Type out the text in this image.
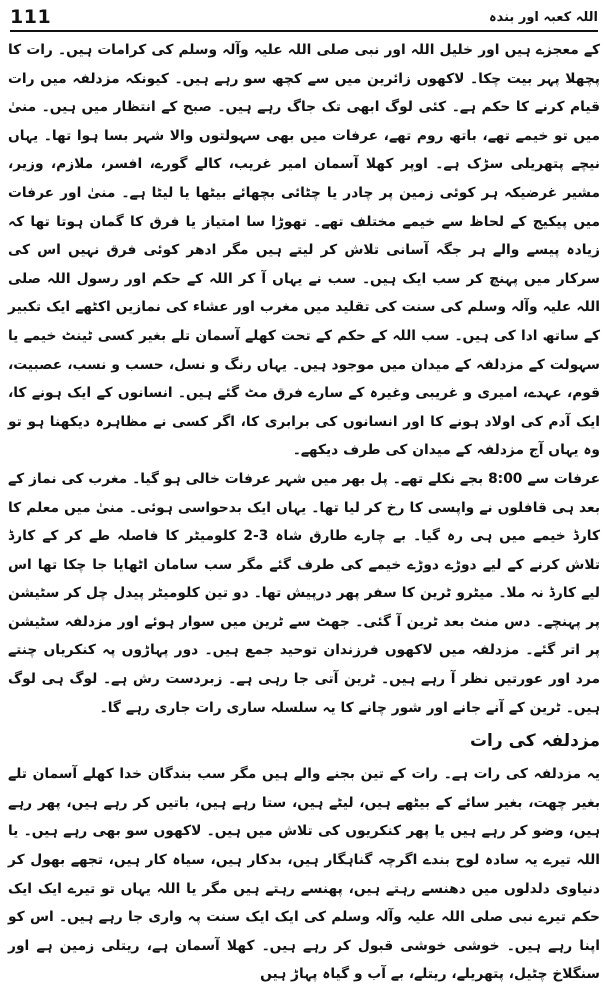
111	اللہ کعبہ اور بندہ

کے معجزے ہیں اور خلیل اللہ اور نبی صلی اللہ علیہ وآلہ وسلم کی کرامات ہیں۔ رات کا پچھلا پہر بیت چکا۔ لاکھوں زائرین میں سے کچھ سو رہے ہیں۔ کیونکہ مزدلفہ میں رات قیام کرنے کا حکم ہے۔ کئی لوگ ابھی تک جاگ رہے ہیں۔ صبح کے انتظار میں ہیں۔ منیٰ میں تو خیمے تھے، باتھ روم تھے، عرفات میں بھی سہولتوں والا شہر بسا ہوا تھا۔ یہاں نیچے پتھریلی سڑک ہے۔ اوپر کھلا آسمان امیر غریب، کالے گورے، افسر، ملازم، وزیر، مشیر غرضیکہ ہر کوئی زمین پر چادر یا چٹائی بچھائے بیٹھا یا لیٹا ہے۔ منیٰ اور عرفات میں پیکیج کے لحاظ سے خیمے مختلف تھے۔ تھوڑا سا امتیاز یا فرق کا گمان ہوتا تھا کہ زیادہ پیسے والے ہر جگہ آسانی تلاش کر لیتے ہیں مگر ادھر کوئی فرق نہیں اس کی سرکار میں پہنچ کر سب ایک ہیں۔ سب نے یہاں آ کر اللہ کے حکم اور رسول اللہ صلی اللہ علیہ وآلہ وسلم کی سنت کی تقلید میں مغرب اور عشاء کی نمازیں اکٹھے ایک تکبیر کے ساتھ ادا کی ہیں۔ سب اللہ کے حکم کے تحت کھلے آسمان تلے بغیر کسی ٹینٹ خیمے یا سہولت کے مزدلفہ کے میدان میں موجود ہیں۔ یہاں رنگ و نسل، حسب و نسب، عصبیت، قوم، عہدے، امیری و غریبی وغیرہ کے سارے فرق مٹ گئے ہیں۔ انسانوں کے ایک ہونے کا، ایک آدم کی اولاد ہونے کا اور انسانوں کی برابری کا، اگر کسی نے مظاہرہ دیکھنا ہو تو وہ یہاں آج مزدلفہ کے میدان کی طرف دیکھے۔

عرفات سے 8:00 بجے نکلے تھے۔ پل بھر میں شہر عرفات خالی ہو گیا۔ مغرب کی نماز کے بعد ہی قافلوں نے واپسی کا رخ کر لیا تھا۔ یہاں ایک بدحواسی ہوئی۔ منیٰ میں معلم کا کارڈ خیمے میں ہی رہ گیا۔ بے چارے طارق شاہ 3-2 کلومیٹر کا فاصلہ طے کر کے کارڈ تلاش کرنے کے لیے دوڑے دوڑے خیمے کی طرف گئے مگر سب سامان اٹھایا جا چکا تھا اس لیے کارڈ نہ ملا۔ میٹرو ٹرین کا سفر پھر درپیش تھا۔ دو تین کلومیٹر پیدل چل کر سٹیشن پر پہنچے۔ دس منٹ بعد ٹرین آ گئی۔ جھٹ سے ٹرین میں سوار ہوئے اور مزدلفہ سٹیشن پر اتر گئے۔ مزدلفہ میں لاکھوں فرزندان توحید جمع ہیں۔ دور پہاڑوں پہ کنکریاں چنتے مرد اور عورتیں نظر آ رہے ہیں۔ ٹرین آتی جا رہی ہے۔ زبردست رش ہے۔ لوگ ہی لوگ ہیں۔ ٹرین کے آنے جانے اور شور چانے کا یہ سلسلہ ساری رات جاری رہے گا۔

مزدلفہ کی رات

یہ مزدلفہ کی رات ہے۔ رات کے تین بجنے والے ہیں مگر سب بندگان خدا کھلے آسمان تلے بغیر چھت، بغیر سائے کے بیٹھے ہیں، لیٹے ہیں، ستا رہے ہیں، باتیں کر رہے ہیں، پھر رہے ہیں، وضو کر رہے ہیں یا پھر کنکریوں کی تلاش میں ہیں۔ لاکھوں سو بھی رہے ہیں۔ یا اللہ تیرے یہ سادہ لوح بندے اگرچہ گناہگار ہیں، بدکار ہیں، سیاہ کار ہیں، تجھے بھول کر دنیاوی دلدلوں میں دھنسے رہتے ہیں، پھنسے رہتے ہیں مگر یا اللہ یہاں تو تیرے ایک ایک حکم تیرے نبی صلی اللہ علیہ وآلہ وسلم کی ایک ایک سنت پہ واری جا رہے ہیں۔ اس کو اپنا رہے ہیں۔ خوشی خوشی قبول کر رہے ہیں۔ کھلا آسمان ہے، ریتلی زمین ہے اور سنگلاخ چٹیل، پتھریلے، ریتلے، بے آب و گیاہ پہاڑ ہیں
